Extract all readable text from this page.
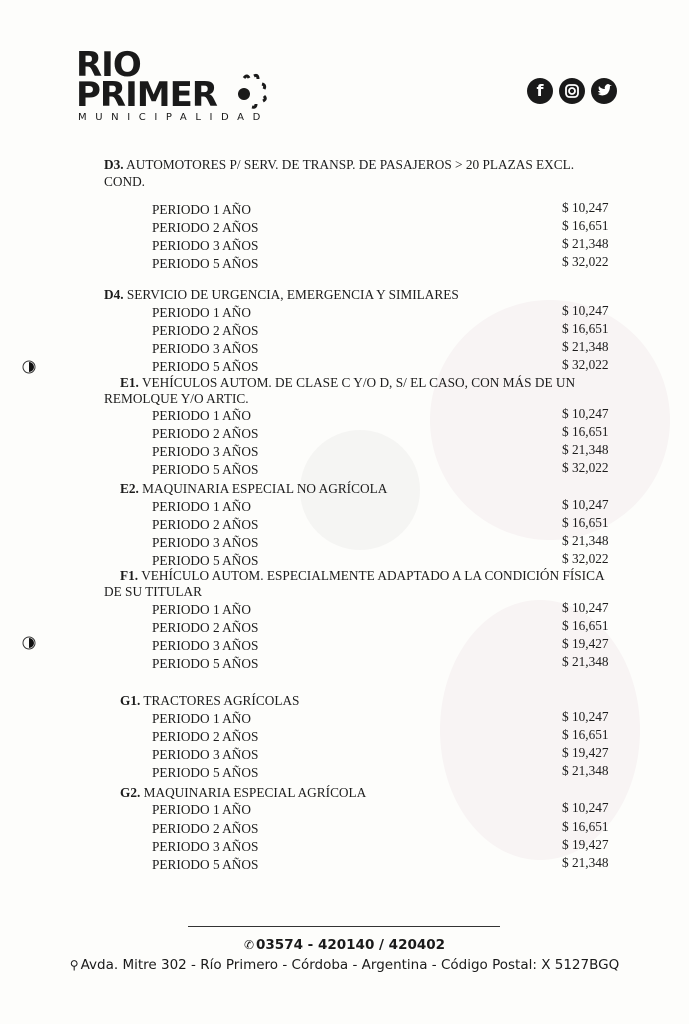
RIO
PRIMER
MUNICIPALIDAD
f
D3. AUTOMOTORES P/ SERV. DE TRANSP. DE PASAJEROS > 20 PLAZAS EXCL.
COND.
PERIODO 1 AÑO	$ 10,247
PERIODO 2 AÑOS	$ 16,651
PERIODO 3 AÑOS	$ 21,348
PERIODO 5 AÑOS	$ 32,022
D4. SERVICIO DE URGENCIA, EMERGENCIA Y SIMILARES
PERIODO 1 AÑO	$ 10,247
PERIODO 2 AÑOS	$ 16,651
PERIODO 3 AÑOS	$ 21,348
PERIODO 5 AÑOS	$ 32,022
E1. VEHÍCULOS AUTOM. DE CLASE C Y/O D, S/ EL CASO, CON MÁS DE UN
REMOLQUE Y/O ARTIC.
PERIODO 1 AÑO	$ 10,247
PERIODO 2 AÑOS	$ 16,651
PERIODO 3 AÑOS	$ 21,348
PERIODO 5 AÑOS	$ 32,022
E2. MAQUINARIA ESPECIAL NO AGRÍCOLA
PERIODO 1 AÑO	$ 10,247
PERIODO 2 AÑOS	$ 16,651
PERIODO 3 AÑOS	$ 21,348
PERIODO 5 AÑOS	$ 32,022
F1. VEHÍCULO AUTOM. ESPECIALMENTE ADAPTADO A LA CONDICIÓN FÍSICA
DE SU TITULAR
PERIODO 1 AÑO	$ 10,247
PERIODO 2 AÑOS	$ 16,651
PERIODO 3 AÑOS	$ 19,427
PERIODO 5 AÑOS	$ 21,348
G1. TRACTORES AGRÍCOLAS
PERIODO 1 AÑO	$ 10,247
PERIODO 2 AÑOS	$ 16,651
PERIODO 3 AÑOS	$ 19,427
PERIODO 5 AÑOS	$ 21,348
G2. MAQUINARIA ESPECIAL AGRÍCOLA
PERIODO 1 AÑO	$ 10,247
PERIODO 2 AÑOS	$ 16,651
PERIODO 3 AÑOS	$ 19,427
PERIODO 5 AÑOS	$ 21,348
✆ 03574 - 420140 / 420402
⚲ Avda. Mitre 302 - Río Primero - Córdoba - Argentina - Código Postal: X 5127BGQ
